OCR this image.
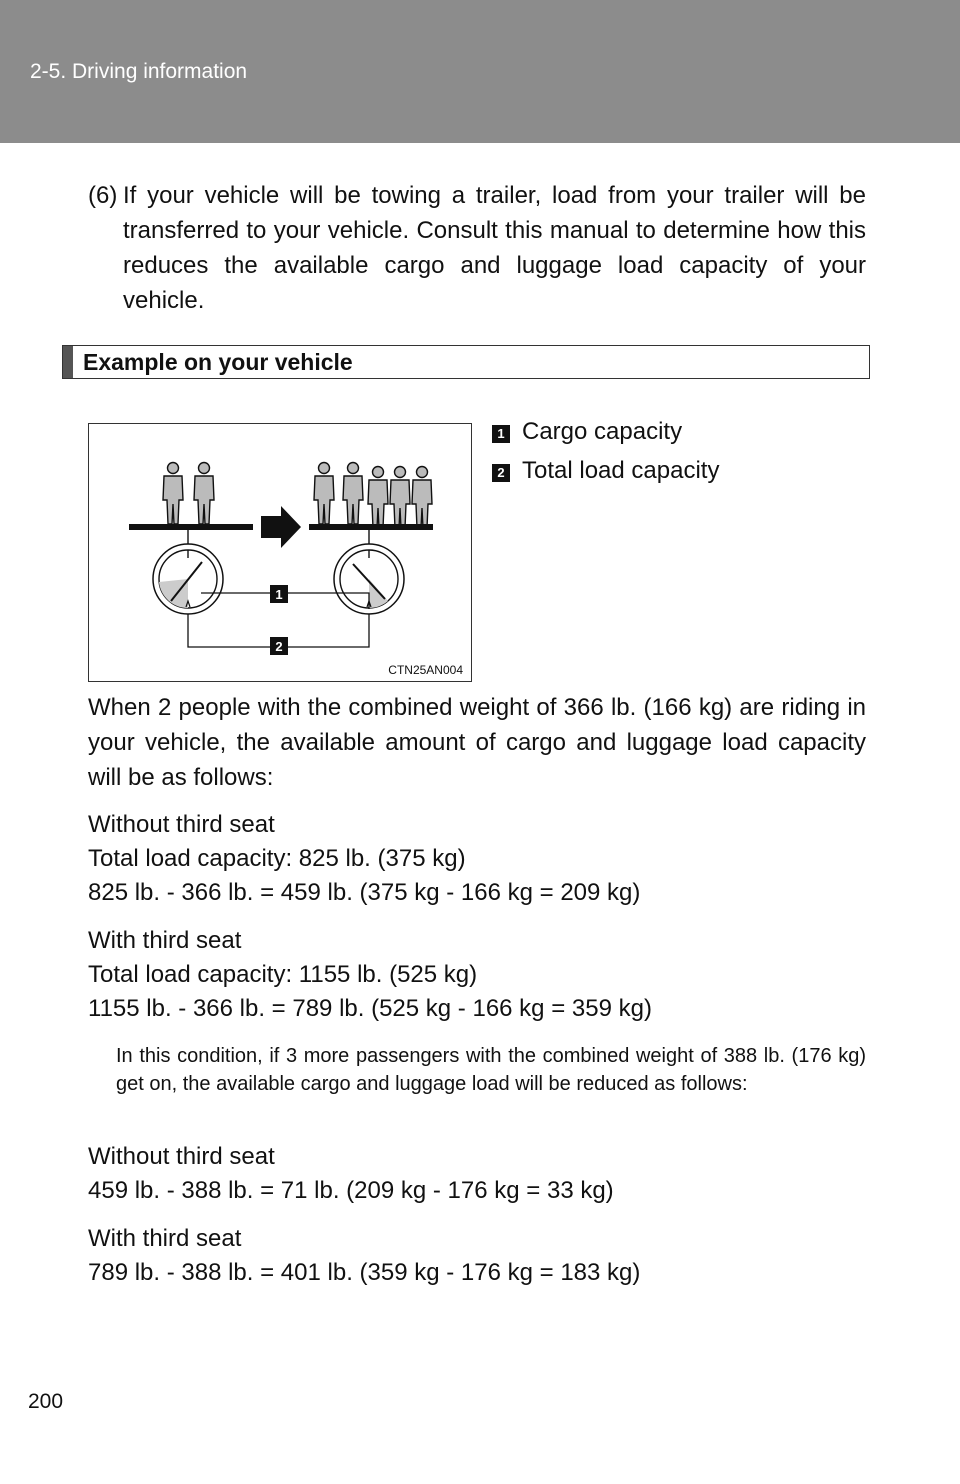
2-5. Driving information
(6) If your vehicle will be towing a trailer, load from your trailer will be transferred to your vehicle. Consult this manual to determine how this reduces the available cargo and luggage load capacity of your vehicle.
Example on your vehicle
1
2
CTN25AN004
1 Cargo capacity
2 Total load capacity
When 2 people with the combined weight of 366 lb. (166 kg) are riding in your vehicle, the available amount of cargo and luggage load capacity will be as follows:
Without third seat
Total load capacity: 825 lb. (375 kg)
825 lb. - 366 lb. = 459 lb. (375 kg - 166 kg = 209 kg)
With third seat
Total load capacity: 1155 lb. (525 kg)
1155 lb. - 366 lb. = 789 lb. (525 kg - 166 kg = 359 kg)
In this condition, if 3 more passengers with the combined weight of 388 lb. (176 kg) get on, the available cargo and luggage load will be reduced as follows:
Without third seat
459 lb. - 388 lb. = 71 lb. (209 kg - 176 kg = 33 kg)
With third seat
789 lb. - 388 lb. = 401 lb. (359 kg - 176 kg = 183 kg)
200
